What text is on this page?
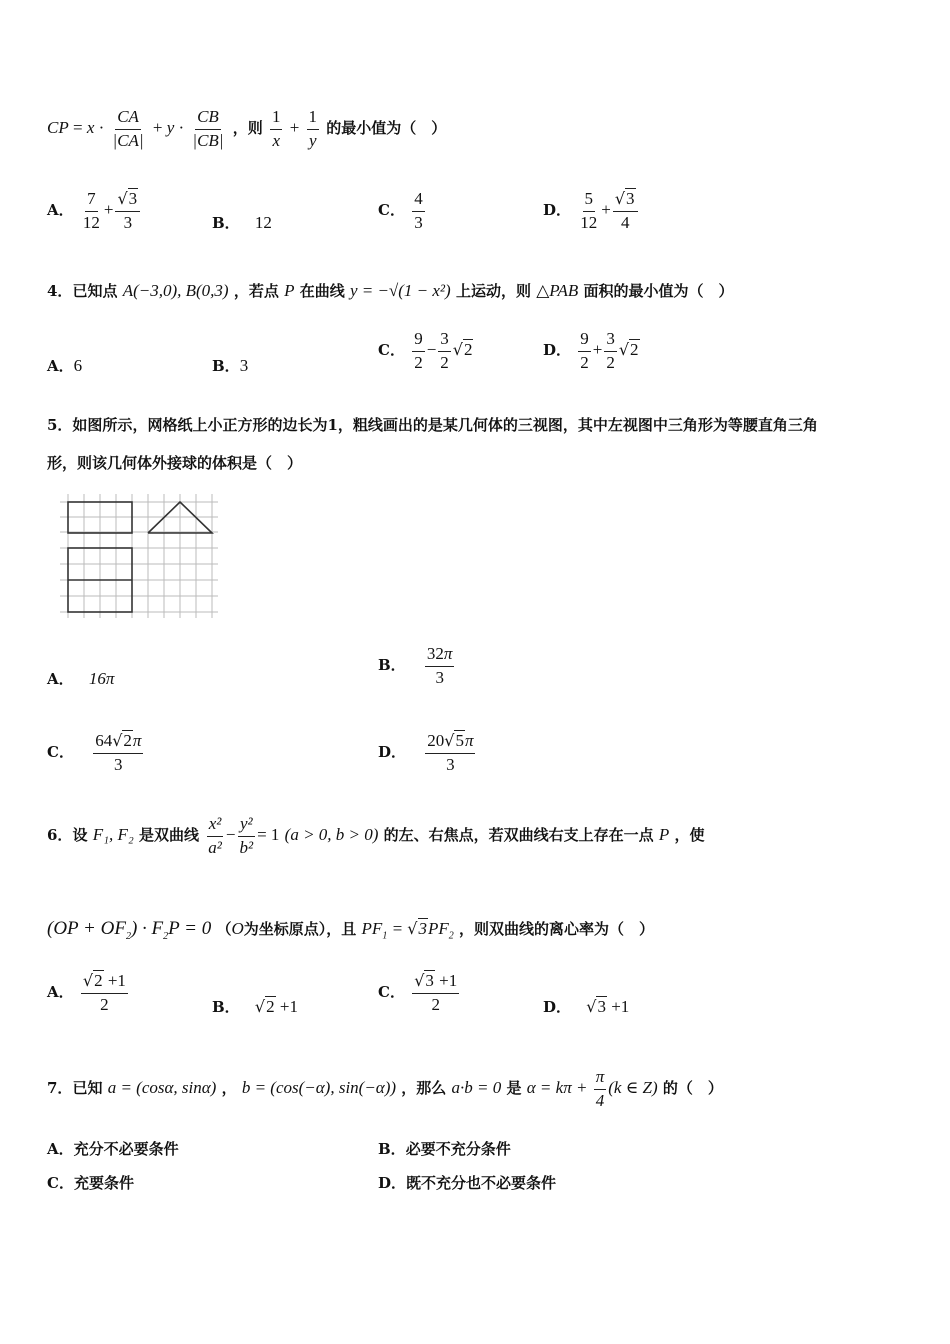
CP = $x \cdot \frac{CA}{|CA|} + y \cdot \frac{CB}{|CB|}$ ，则 $\frac{1}{x} + \frac{1}{y}$ 的最小值为（　）
A． $\frac{7}{12} + \frac{√3}{3}$	B． 12
C． $\frac{4}{3}$	D． $\frac{5}{12} + \frac{√3}{4}$
4．已知点 A(−3,0), B(0,3) ，若点 P 在曲线 y = −√(1 − x²) 上运动，则 △PAB 面积的最小值为（　）
A．6	B．3
C． $\frac{9}{2} - \frac{3}{2} √2$	D． $\frac{9}{2} + \frac{3}{2} √2$
5．如图所示，网格纸上小正方形的边长为1，粗线画出的是某几何体的三视图，其中左视图中三角形为等腰直角三角
形，则该几何体外接球的体积是（　）
A． 16π
B． $\frac{32\pi}{3}$
C． $\frac{64√2\pi}{3}$	D． $\frac{20√5\pi}{3}$
6．设 F₁, F₂ 是双曲线 $\frac{\text{x²}}{\text{a²}} - \frac{\text{y²}}{\text{b²}} = 1$ (a > 0, b > 0) 的左、右焦点，若双曲线右支上存在一点 P ，使
$(OP + OF_2) \cdot F_2P = 0$ （O为坐标原点），且 $PF_1 = √3PF_2$ ，则双曲线的离心率为（　）
A． $\frac{√2 +1}{2}$	B． √2 +1
C． $\frac{√3 +1}{2}$	D． √3 +1
7．已知 a = (cosα, sinα) ， b = (cos(−α), sin(−α)) ，那么 a·b = 0 是 $\alpha = k\pi + \frac{\pi}{4} (k$ ∈ Z) 的（　）
A．充分不必要条件	B．必要不充分条件
C．充要条件	D．既不充分也不必要条件
